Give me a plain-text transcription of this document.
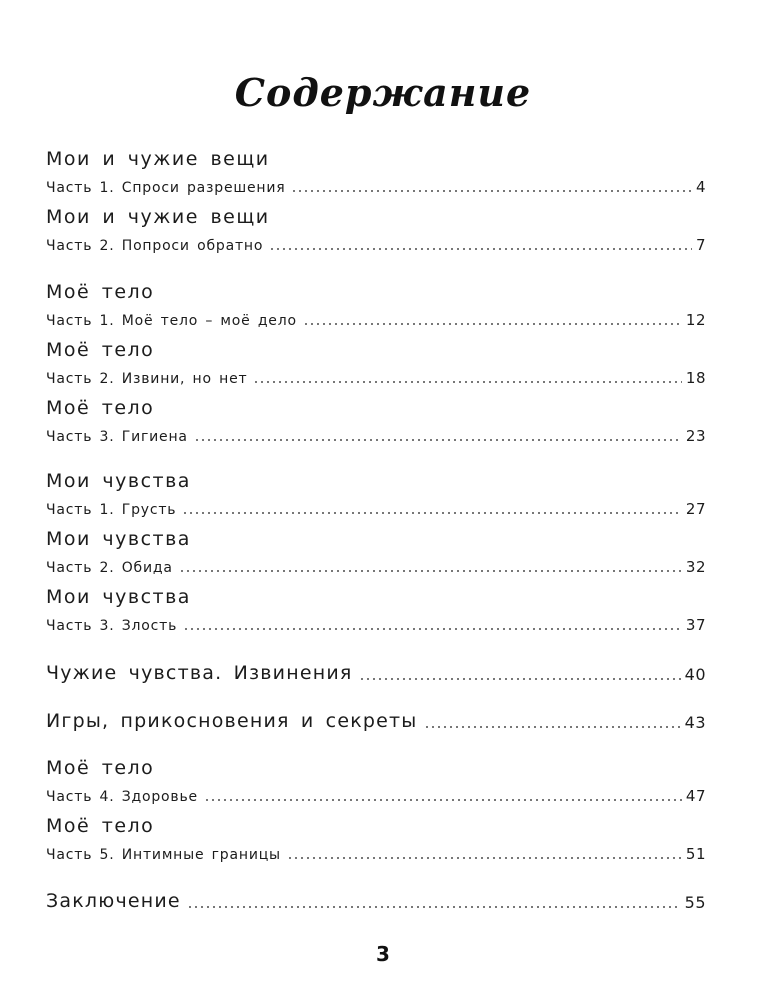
Содержание
Мои и чужие вещи
Часть 1. Спроси разрешения	4
Мои и чужие вещи
Часть 2. Попроси обратно	7
Моё тело
Часть 1. Моё тело – моё дело	12
Моё тело
Часть 2. Извини, но нет	18
Моё тело
Часть 3. Гигиена	23
Мои чувства
Часть 1. Грусть	27
Мои чувства
Часть 2. Обида	32
Мои чувства
Часть 3. Злость	37
Чужие чувства. Извинения	40
Игры, прикосновения и секреты	43
Моё тело
Часть 4. Здоровье	47
Моё тело
Часть 5. Интимные границы	51
Заключение	55
3
